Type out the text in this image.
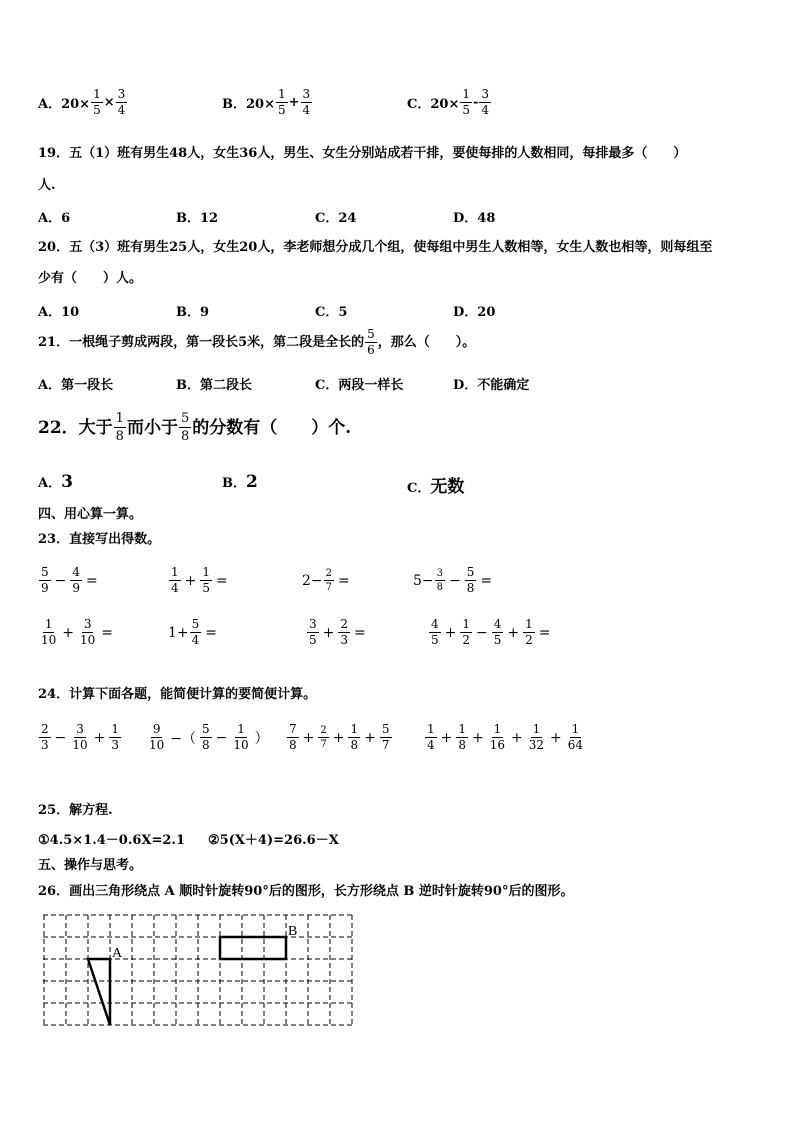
A．$20\times \frac{1}{5} \times \frac{3}{4}$	B．$20\times \frac{1}{5} + \frac{3}{4}$	C．$20\times \frac{1}{5} - \frac{3}{4}$
19．五（1）班有男生48人，女生36人，男生、女生分别站成若干排，要使每排的人数相同，每排最多（　　）
人.
A．6	B．12	C．24	D．48
20．五（3）班有男生25人，女生20人，李老师想分成几个组，使每组中男生人数相等，女生人数也相等，则每组至
少有（　　）人。
A．10	B．9	C．5	D．20
21．一根绳子剪成两段，第一段长5米，第二段是全长的 $\frac{5}{6}$ ，那么（　　）。
A．第一段长	B．第二段长	C．两段一样长	D．不能确定
22．大于 $\frac{1}{8}$ 而小于 $\frac{5}{8}$ 的分数有（　　）个.
A．3	B．2	C．无数
四、用心算一算。
23．直接写出得数。
$\frac{5}{9} - \frac{4}{9}$ =	$\frac{1}{4} + \frac{1}{5}$ =	$2- \frac{2}{7}$ =	$5- \frac{3}{8} - \frac{5}{8}$ =
$\frac{1}{10} + \frac{3}{10}$ =	$1+ \frac{5}{4}$ =	$\frac{3}{5} + \frac{2}{3}$ =	$\frac{4}{5} + \frac{1}{2} - \frac{4}{5} + \frac{1}{2}$ =
24．计算下面各题，能简便计算的要简便计算。
$\frac{2}{3} - \frac{3}{10} + \frac{1}{3} \frac{9}{10}$ −（ $\frac{5}{8} - \frac{1}{10}$ ） $\frac{7}{8} + \frac{2}{7} + \frac{1}{8} + \frac{5}{7}$	$\frac{1}{4} + \frac{1}{8} + \frac{1}{16} + \frac{1}{32} + \frac{1}{64}$
25．解方程.
①4.5×1.4－0.6X=2.1 ②5(X＋4)=26.6－X
五、操作与思考。
26．画出三角形绕点 A 顺时针旋转90°后的图形，长方形绕点 B 逆时针旋转90°后的图形。
A
B
